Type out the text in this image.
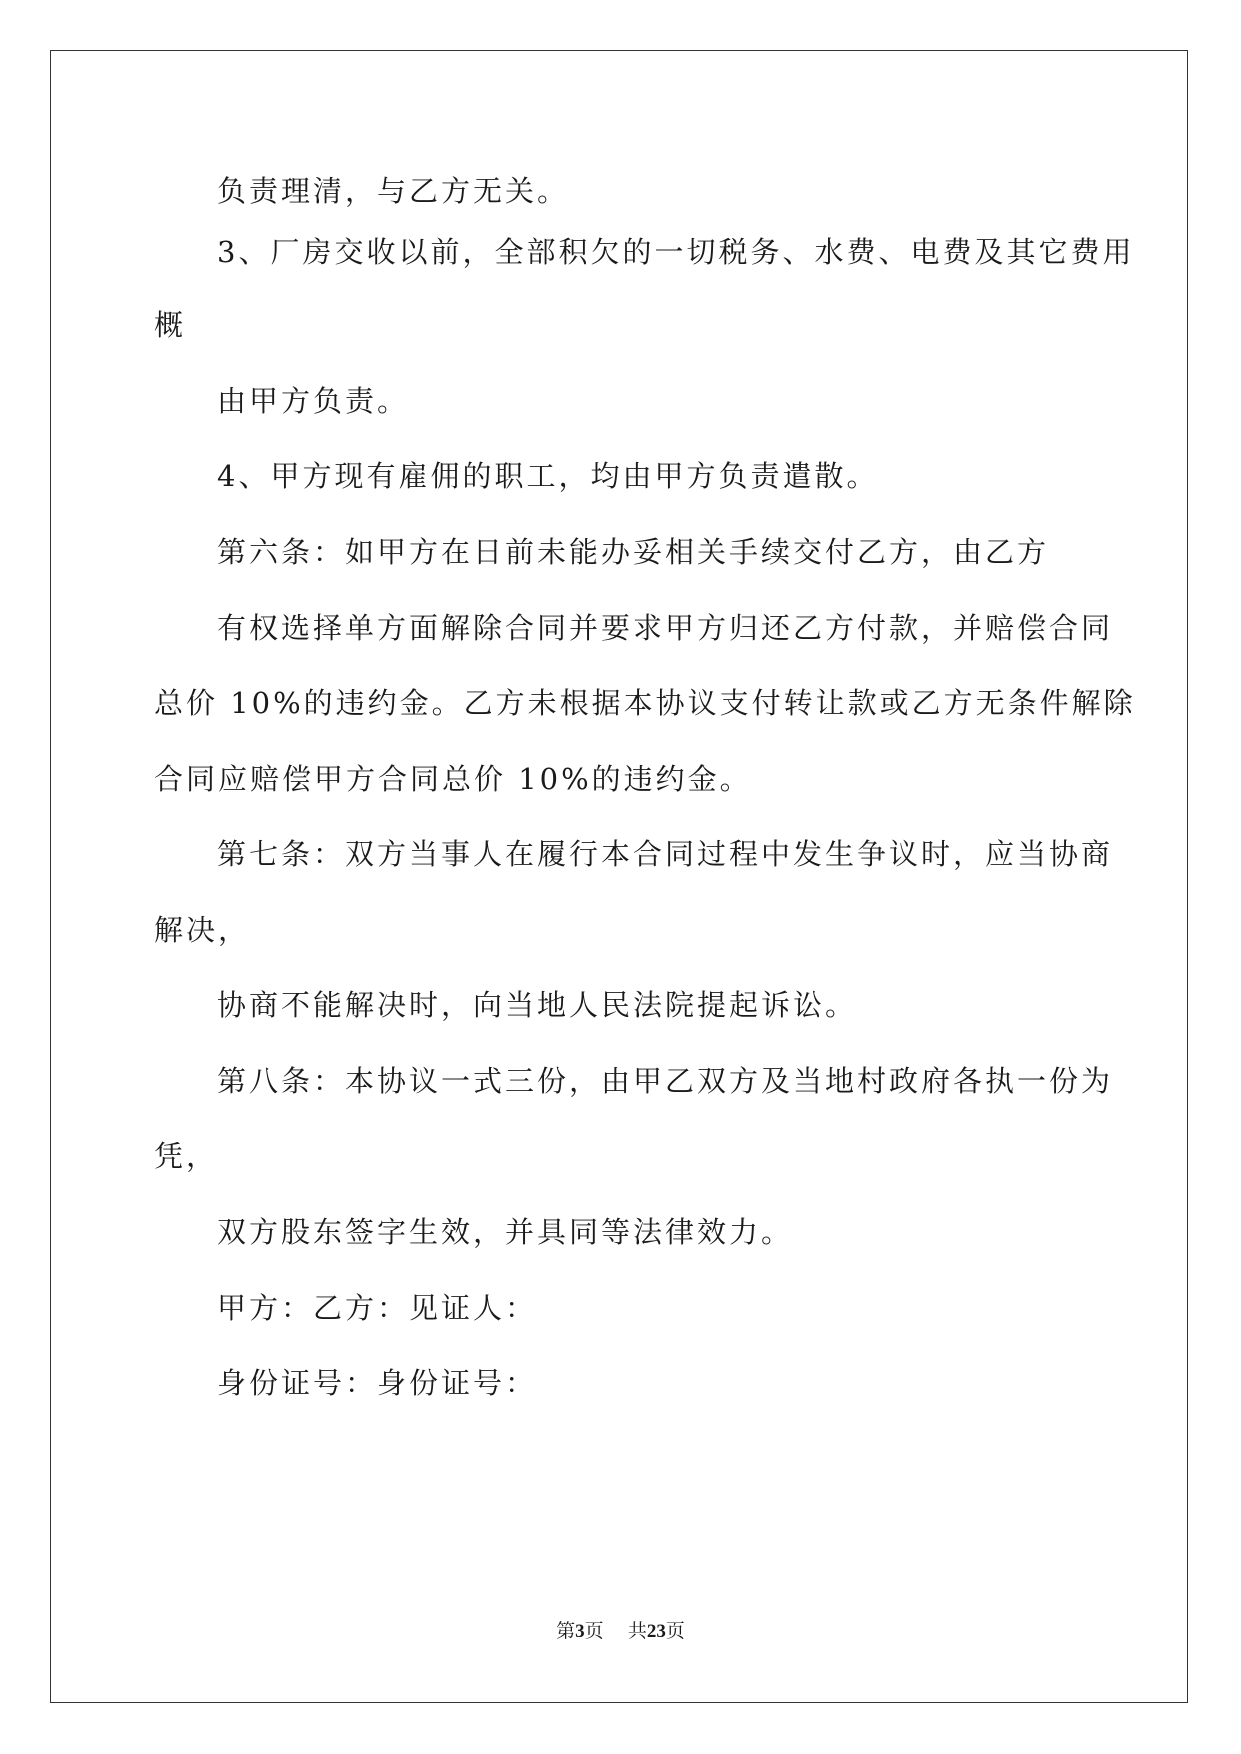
负责理清，与乙方无关。
3、厂房交收以前，全部积欠的一切税务、水费、电费及其它费用
概
由甲方负责。
4、甲方现有雇佣的职工，均由甲方负责遣散。
第六条：如甲方在日前未能办妥相关手续交付乙方，由乙方
有权选择单方面解除合同并要求甲方归还乙方付款，并赔偿合同
总价 10%的违约金。乙方未根据本协议支付转让款或乙方无条件解除
合同应赔偿甲方合同总价 10%的违约金。
第七条：双方当事人在履行本合同过程中发生争议时，应当协商
解决，
协商不能解决时，向当地人民法院提起诉讼。
第八条：本协议一式三份，由甲乙双方及当地村政府各执一份为
凭，
双方股东签字生效，并具同等法律效力。
甲方：乙方：见证人：
身份证号：身份证号：
第3页 共23页
